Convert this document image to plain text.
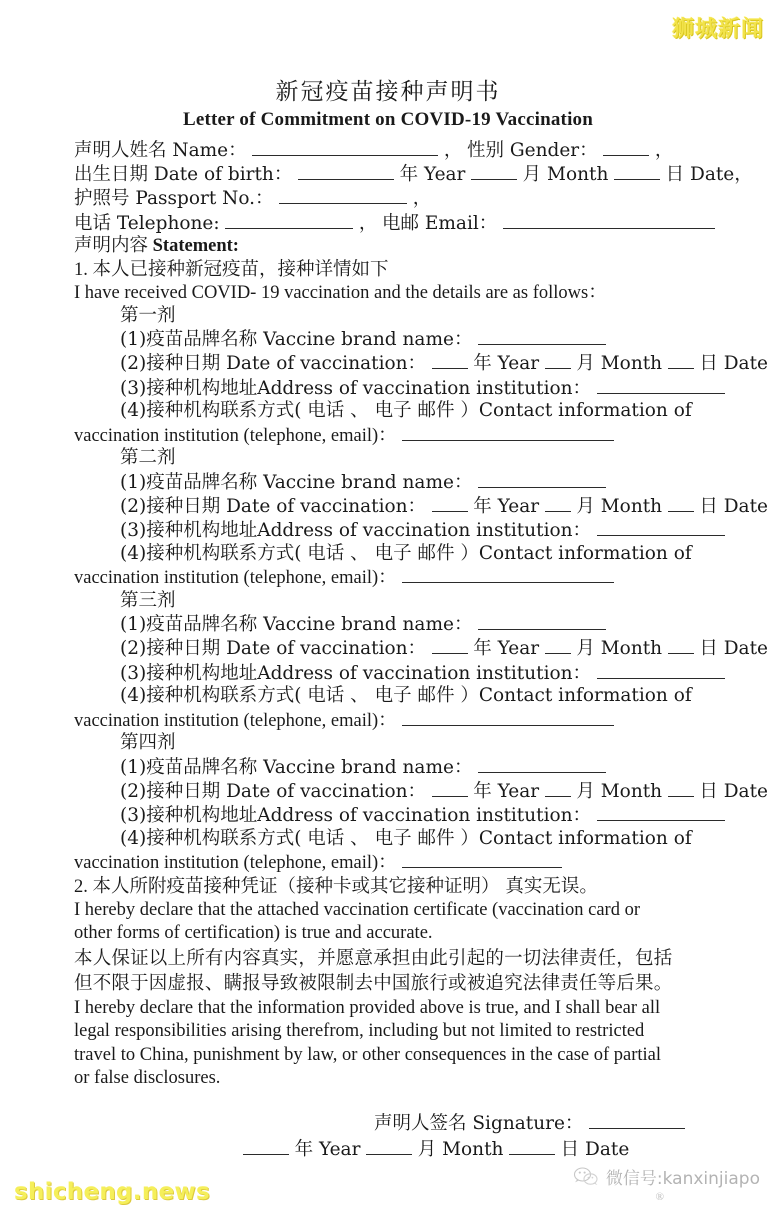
狮城新闻
新冠疫苗接种声明书
Letter of Commitment on COVID-19 Vaccination
声明人姓名 Name：	， 性别 Gender：	，
出生日期 Date of birth：	年 Year	月 Month	日 Date，
护照号 Passport No.：	，
电话 Telephone:	， 电邮 Email：
声明内容 Statement:
1. 本人已接种新冠疫苗，接种详情如下
I have received COVID- 19 vaccination and the details are as follows：
第一剂
(1)疫苗品牌名称 Vaccine brand name：
(2)接种日期 Date of vaccination：	年 Year 月 Month 日 Date
(3)接种机构地址Address of vaccination institution：
(4)接种机构联系方式( 电话 、 电子 邮件 ）Contact information of
vaccination institution (telephone, email)：
第二剂
(1)疫苗品牌名称 Vaccine brand name：
(2)接种日期 Date of vaccination：	年 Year 月 Month 日 Date
(3)接种机构地址Address of vaccination institution：
(4)接种机构联系方式( 电话 、 电子 邮件 ）Contact information of
vaccination institution (telephone, email)：
第三剂
(1)疫苗品牌名称 Vaccine brand name：
(2)接种日期 Date of vaccination：	年 Year 月 Month 日 Date
(3)接种机构地址Address of vaccination institution：
(4)接种机构联系方式( 电话 、 电子 邮件 ）Contact information of
vaccination institution (telephone, email)：
第四剂
(1)疫苗品牌名称 Vaccine brand name：
(2)接种日期 Date of vaccination：	年 Year 月 Month 日 Date
(3)接种机构地址Address of vaccination institution：
(4)接种机构联系方式( 电话 、 电子 邮件 ）Contact information of
vaccination institution (telephone, email)：
2. 本人所附疫苗接种凭证（接种卡或其它接种证明） 真实无误。
I hereby declare that the attached vaccination certificate (vaccination card or
other forms of certification) is true and accurate.
本人保证以上所有内容真实，并愿意承担由此引起的一切法律责任，包括
但不限于因虚报、瞒报导致被限制去中国旅行或被追究法律责任等后果。
I hereby declare that the information provided above is true, and I shall bear all
legal responsibilities arising therefrom, including but not limited to restricted
travel to China, punishment by law, or other consequences in the case of partial
or false disclosures.
声明人签名 Signature：
年 Year	月 Month	日 Date
shicheng.news	微信号:kanxinjiapo
®
